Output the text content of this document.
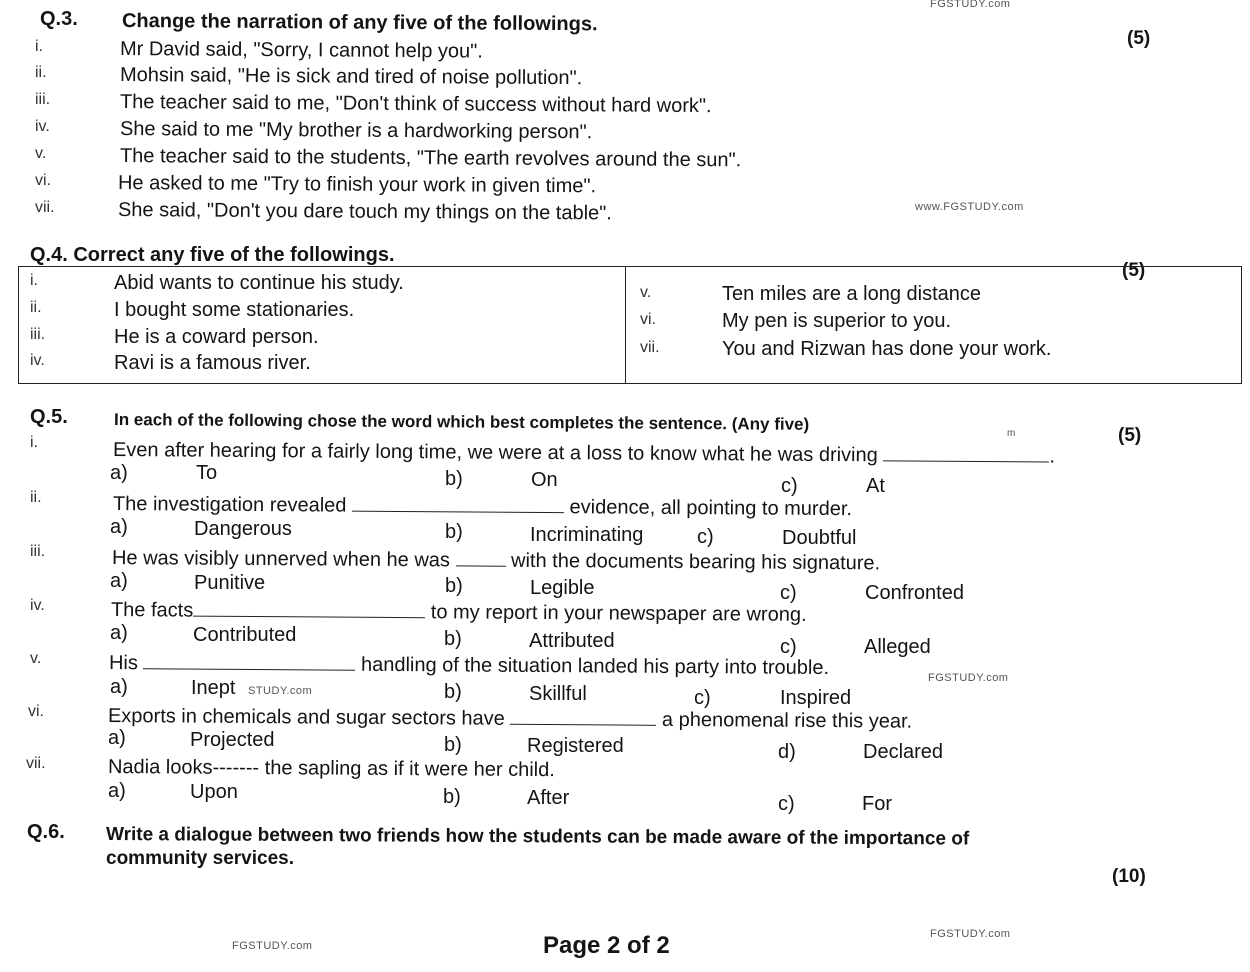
FGSTUDY.com
www.FGSTUDY.com
Q.3. Change the narration of any five of the followings.
(5)
i.	Mr David said, "Sorry, I cannot help you".
ii.	Mohsin said, "He is sick and tired of noise pollution".
iii.	The teacher said to me, "Don't think of success without hard work".
iv.	She said to me "My brother is a hardworking person".
v.	The teacher said to the students, "The earth revolves around the sun".
vi.	He asked to me "Try to finish your work in given time".
vii.	She said, "Don't you dare touch my things on the table".
Q.4. Correct any five of the followings.
(5)
i.	Abid wants to continue his study.
ii.	I bought some stationaries.
iii.	He is a coward person.
iv.	Ravi is a famous river.
v.	Ten miles are a long distance
vi.	My pen is superior to you.
vii.	You and Rizwan has done your work.
Q.5.	In each of the following chose the word which best completes the sentence. (Any five)	m	(5)
i.	Even after hearing for a fairly long time, we were at a loss to know what he was driving	.
a)	To	b)	On	c)	At
ii.	The investigation revealed	evidence, all pointing to murder.
a)	Dangerous	b)	Incriminating	c)	Doubtful
iii.	He was visibly unnerved when he was	with the documents bearing his signature.
a)	Punitive	b)	Legible	c)	Confronted
iv.	The facts	to my report in your newspaper are wrong.
a)	Contributed	b)	Attributed	c)	Alleged
v.	His	handling of the situation landed his party into trouble.	FGSTUDY.com
a)	Inept STUDY.com	b)	Skillful	c)	Inspired
vi.	Exports in chemicals and sugar sectors have	a phenomenal rise this year.
a)	Projected	b)	Registered	d)	Declared
vii.	Nadia looks------- the sapling as if it were her child.
a)	Upon	b)	After	c)	For
Q.6. Write a dialogue between two friends how the students can be made aware of the importance of
community services.
(10)
FGSTUDY.com
FGSTUDY.com	Page 2 of 2
